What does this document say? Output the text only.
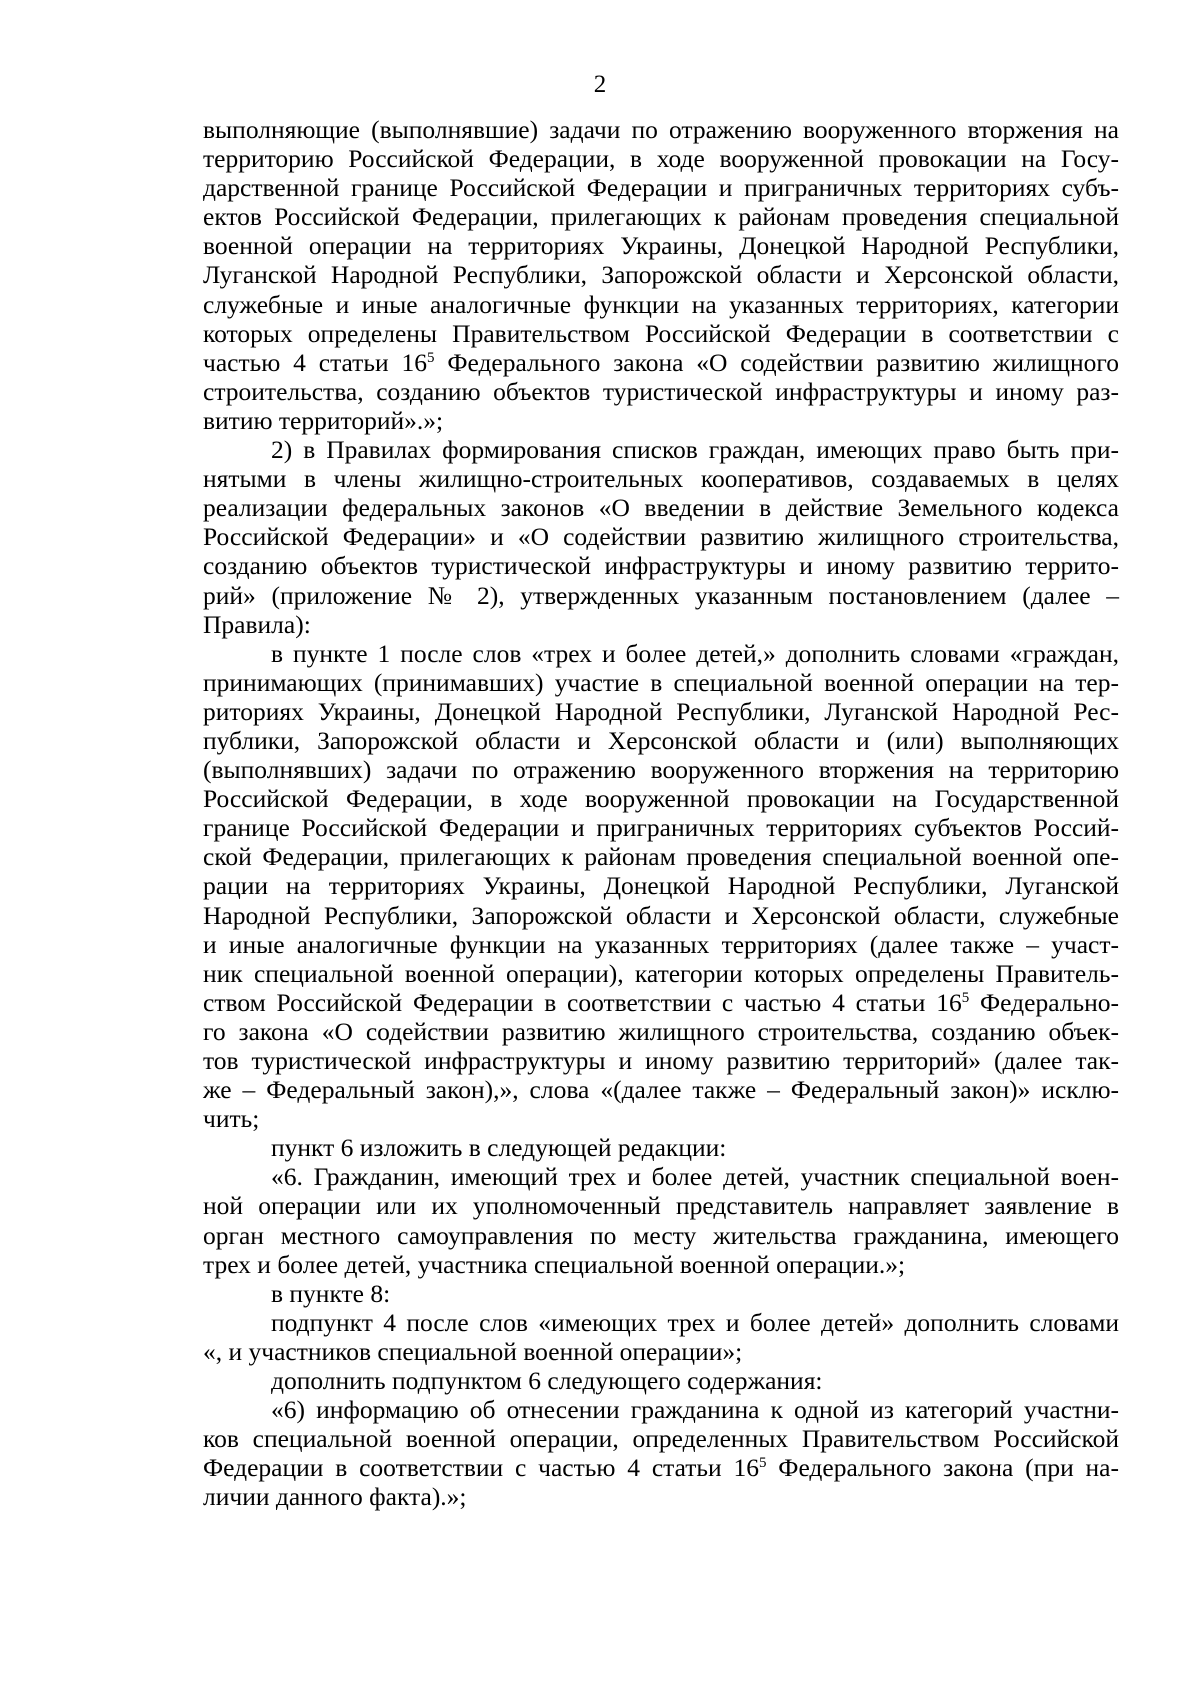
2
выполняющие (выполнявшие) задачи по отражению вооруженного вторжения на
территорию Российской Федерации, в ходе вооруженной провокации на Госу-
дарственной границе Российской Федерации и приграничных территориях субъ-
ектов Российской Федерации, прилегающих к районам проведения специальной
военной операции на территориях Украины, Донецкой Народной Республики,
Луганской Народной Республики, Запорожской области и Херсонской области,
служебные и иные аналогичные функции на указанных территориях, категории
которых определены Правительством Российской Федерации в соответствии с
частью 4 статьи $16^5$ Федерального закона «О содействии развитию жилищного
строительства, созданию объектов туристической инфраструктуры и иному раз-
витию территорий».»;
2) в Правилах формирования списков граждан, имеющих право быть при-
нятыми в члены жилищно-строительных кооперативов, создаваемых в целях
реализации федеральных законов «О введении в действие Земельного кодекса
Российской Федерации» и «О содействии развитию жилищного строительства,
созданию объектов туристической инфраструктуры и иному развитию террито-
рий» (приложение № 2), утвержденных указанным постановлением (далее –
Правила):
в пункте 1 после слов «трех и более детей,» дополнить словами «граждан,
принимающих (принимавших) участие в специальной военной операции на тер-
риториях Украины, Донецкой Народной Республики, Луганской Народной Рес-
публики, Запорожской области и Херсонской области и (или) выполняющих
(выполнявших) задачи по отражению вооруженного вторжения на территорию
Российской Федерации, в ходе вооруженной провокации на Государственной
границе Российской Федерации и приграничных территориях субъектов Россий-
ской Федерации, прилегающих к районам проведения специальной военной опе-
рации на территориях Украины, Донецкой Народной Республики, Луганской
Народной Республики, Запорожской области и Херсонской области, служебные
и иные аналогичные функции на указанных территориях (далее также – участ-
ник специальной военной операции), категории которых определены Правитель-
ством Российской Федерации в соответствии с частью 4 статьи $16^5$ Федерально-
го закона «О содействии развитию жилищного строительства, созданию объек-
тов туристической инфраструктуры и иному развитию территорий» (далее так-
же – Федеральный закон),», слова «(далее также – Федеральный закон)» исклю-
чить;
пункт 6 изложить в следующей редакции:
«6. Гражданин, имеющий трех и более детей, участник специальной воен-
ной операции или их уполномоченный представитель направляет заявление в
орган местного самоуправления по месту жительства гражданина, имеющего
трех и более детей, участника специальной военной операции.»;
в пункте 8:
подпункт 4 после слов «имеющих трех и более детей» дополнить словами
«, и участников специальной военной операции»;
дополнить подпунктом 6 следующего содержания:
«6) информацию об отнесении гражданина к одной из категорий участни-
ков специальной военной операции, определенных Правительством Российской
Федерации в соответствии с частью 4 статьи $16^5$ Федерального закона (при на-
личии данного факта).»;
